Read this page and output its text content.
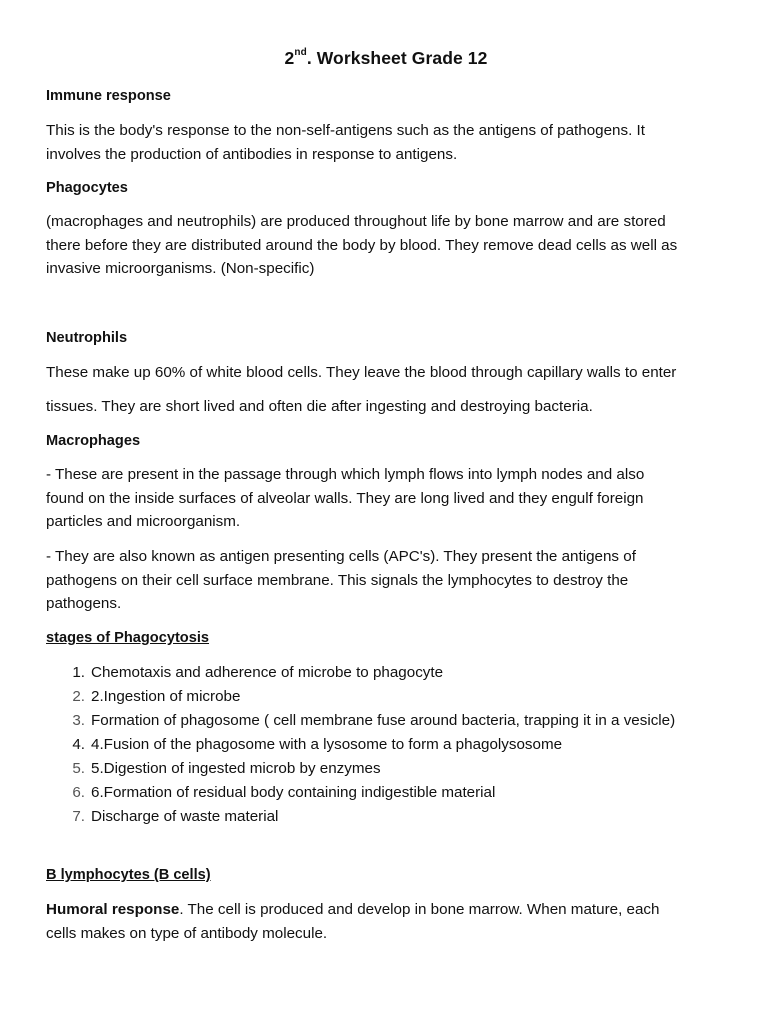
2nd. Worksheet Grade 12
Immune response
This is the body's response to the non-self-antigens such as the antigens of pathogens. It
involves the production of antibodies in response to antigens.
Phagocytes
(macrophages and neutrophils) are produced throughout life by bone marrow and are stored
there before they are distributed around the body by blood. They remove dead cells as well as
invasive microorganisms. (Non-specific)
Neutrophils
These make up 60% of white blood cells. They leave the blood through capillary walls to enter
tissues. They are short lived and often die after ingesting and destroying bacteria.
Macrophages
- These are present in the passage through which lymph flows into lymph nodes and also
found on the inside surfaces of alveolar walls. They are long lived and they engulf foreign
particles and microorganism.
- They are also known as antigen presenting cells (APC's). They present the antigens of
pathogens on their cell surface membrane. This signals the lymphocytes to destroy the
pathogens.
stages of Phagocytosis
1. Chemotaxis and adherence of microbe to phagocyte
2. 2.Ingestion of microbe
3. Formation of phagosome ( cell membrane fuse around bacteria, trapping it in a vesicle)
4. 4.Fusion of the phagosome with a lysosome to form a phagolysosome
5. 5.Digestion of ingested microb by enzymes
6. 6.Formation of residual body containing indigestible material
7. Discharge of waste material
B lymphocytes (B cells)
Humoral response. The cell is produced and develop in bone marrow. When mature, each
cells makes on type of antibody molecule.
